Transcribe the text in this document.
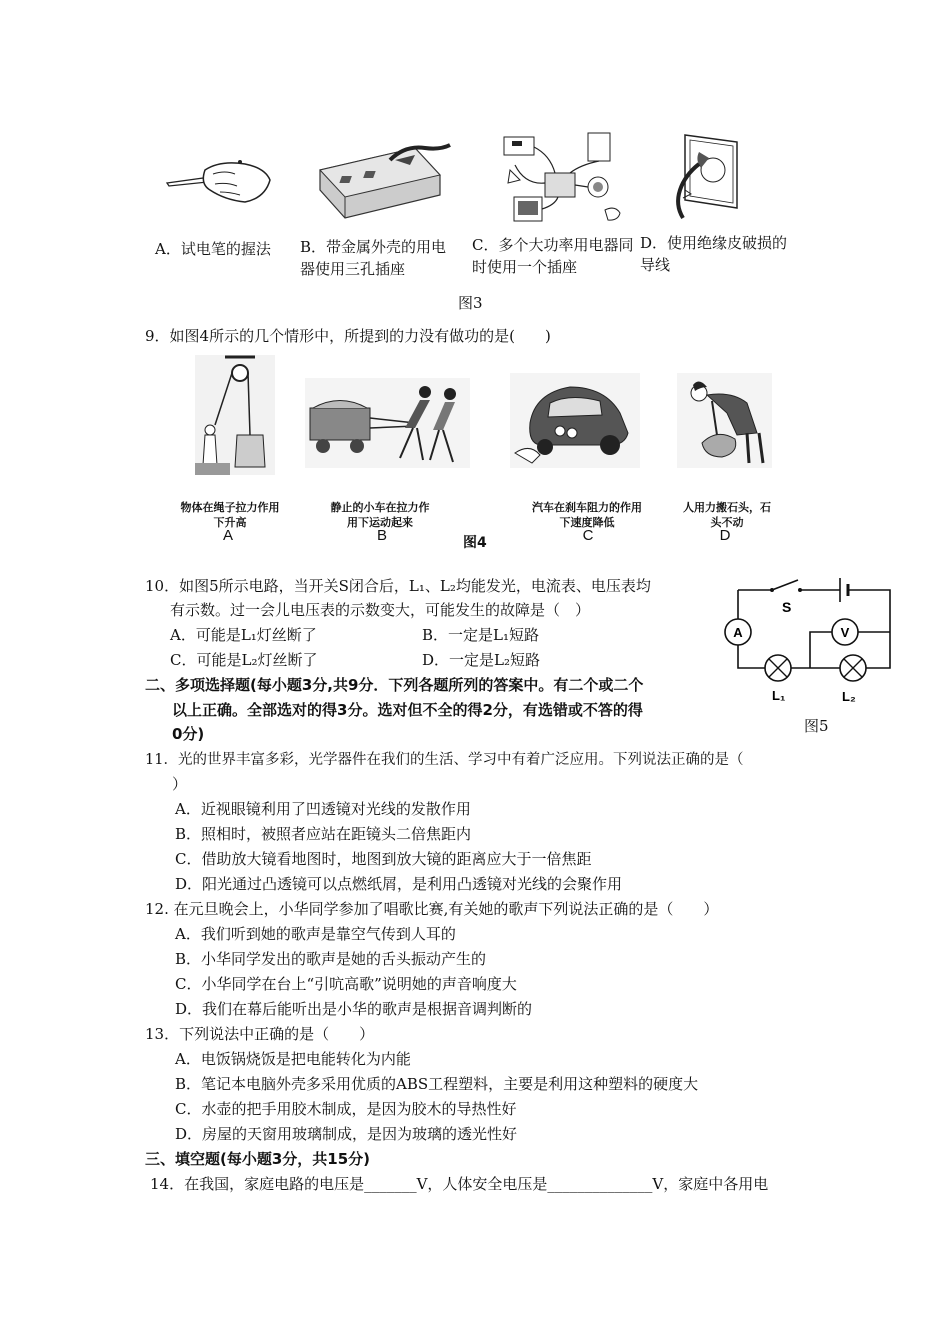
A．试电笔的握法	B．带金属外壳的用电器使用三孔插座
C．多个大功率用电器同时使用一个插座
D．使用绝缘皮破损的导线
图3
9．如图4所示的几个情形中，所提到的力没有做功的是(　　)
物体在绳子拉力作用下升高
静止的小车在拉力作用下运动起来
汽车在刹车阻力的作用下速度降低
人用力搬石头，石头不动
A	B	C	D
图4
10．如图5所示电路，当开关S闭合后，L₁、L₂均能发光，电流表、电压表均
有示数。过一会儿电压表的示数变大，可能发生的故障是（　）
A．可能是L₁灯丝断了	B．一定是L₁短路
C．可能是L₂灯丝断了	D．一定是L₂短路
S
A	V
L₁	L₂
图5
二、多项选择题(每小题3分,共9分．下列各题所列的答案中。有二个或二个
以上正确。全部选对的得3分。选对但不全的得2分，有选错或不答的得
0分)
11．光的世界丰富多彩，光学器件在我们的生活、学习中有着广泛应用。下列说法正确的是（
）
A．近视眼镜利用了凹透镜对光线的发散作用
B．照相时，被照者应站在距镜头二倍焦距内
C．借助放大镜看地图时，地图到放大镜的距离应大于一倍焦距
D．阳光通过凸透镜可以点燃纸屑，是利用凸透镜对光线的会聚作用
12. 在元旦晚会上，小华同学参加了唱歌比赛,有关她的歌声下列说法正确的是（　　）
A．我们听到她的歌声是靠空气传到人耳的
B．小华同学发出的歌声是她的舌头振动产生的
C．小华同学在台上“引吭高歌”说明她的声音响度大
D．我们在幕后能听出是小华的歌声是根据音调判断的
13．下列说法中正确的是（　　）
A．电饭锅烧饭是把电能转化为内能
B．笔记本电脑外壳多采用优质的ABS工程塑料，主要是利用这种塑料的硬度大
C．水壶的把手用胶木制成，是因为胶木的导热性好
D．房屋的天窗用玻璃制成，是因为玻璃的透光性好
三、填空题(每小题3分，共15分)
14．在我国，家庭电路的电压是_______V，人体安全电压是______________V，家庭中各用电
